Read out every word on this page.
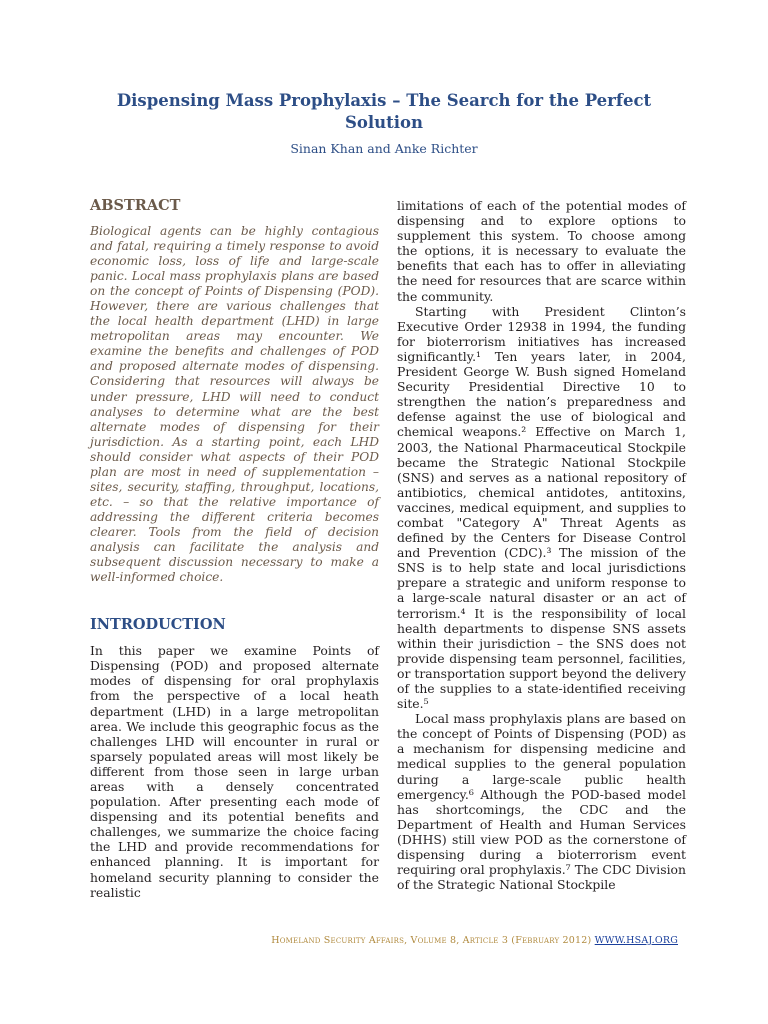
Dispensing Mass Prophylaxis – The Search for the Perfect Solution
Sinan Khan and Anke Richter
ABSTRACT

Biological agents can be highly contagious and fatal, requiring a timely response to avoid economic loss, loss of life and large-scale panic. Local mass prophylaxis plans are based on the concept of Points of Dispensing (POD). However, there are various challenges that the local health department (LHD) in large metropolitan areas may encounter. We examine the benefits and challenges of POD and proposed alternate modes of dispensing. Considering that resources will always be under pressure, LHD will need to conduct analyses to determine what are the best alternate modes of dispensing for their jurisdiction. As a starting point, each LHD should consider what aspects of their POD plan are most in need of supplementation – sites, security, staffing, throughput, locations, etc. – so that the relative importance of addressing the different criteria becomes clearer. Tools from the field of decision analysis can facilitate the analysis and subsequent discussion necessary to make a well-informed choice.

INTRODUCTION

In this paper we examine Points of Dispensing (POD) and proposed alternate modes of dispensing for oral prophylaxis from the perspective of a local heath department (LHD) in a large metropolitan area. We include this geographic focus as the challenges LHD will encounter in rural or sparsely populated areas will most likely be different from those seen in large urban areas with a densely concentrated population. After presenting each mode of dispensing and its potential benefits and challenges, we summarize the choice facing the LHD and provide recommendations for enhanced planning. It is important for homeland security planning to consider the realistic

limitations of each of the potential modes of dispensing and to explore options to supplement this system. To choose among the options, it is necessary to evaluate the benefits that each has to offer in alleviating the need for resources that are scarce within the community.

Starting with President Clinton’s Executive Order 12938 in 1994, the funding for bioterrorism initiatives has increased significantly.¹ Ten years later, in 2004, President George W. Bush signed Homeland Security Presidential Directive 10 to strengthen the nation’s preparedness and defense against the use of biological and chemical weapons.² Effective on March 1, 2003, the National Pharmaceutical Stockpile became the Strategic National Stockpile (SNS) and serves as a national repository of antibiotics, chemical antidotes, antitoxins, vaccines, medical equipment, and supplies to combat "Category A" Threat Agents as defined by the Centers for Disease Control and Prevention (CDC).³ The mission of the SNS is to help state and local jurisdictions prepare a strategic and uniform response to a large-scale natural disaster or an act of terrorism.⁴ It is the responsibility of local health departments to dispense SNS assets within their jurisdiction – the SNS does not provide dispensing team personnel, facilities, or transportation support beyond the delivery of the supplies to a state-identified receiving site.⁵

Local mass prophylaxis plans are based on the concept of Points of Dispensing (POD) as a mechanism for dispensing medicine and medical supplies to the general population during a large-scale public health emergency.⁶ Although the POD-based model has shortcomings, the CDC and the Department of Health and Human Services (DHHS) still view POD as the cornerstone of dispensing during a bioterrorism event requiring oral prophylaxis.⁷ The CDC Division of the Strategic National Stockpile

Homeland Security Affairs, Volume 8, Article 3 (February 2012) WWW.HSAJ.ORG
